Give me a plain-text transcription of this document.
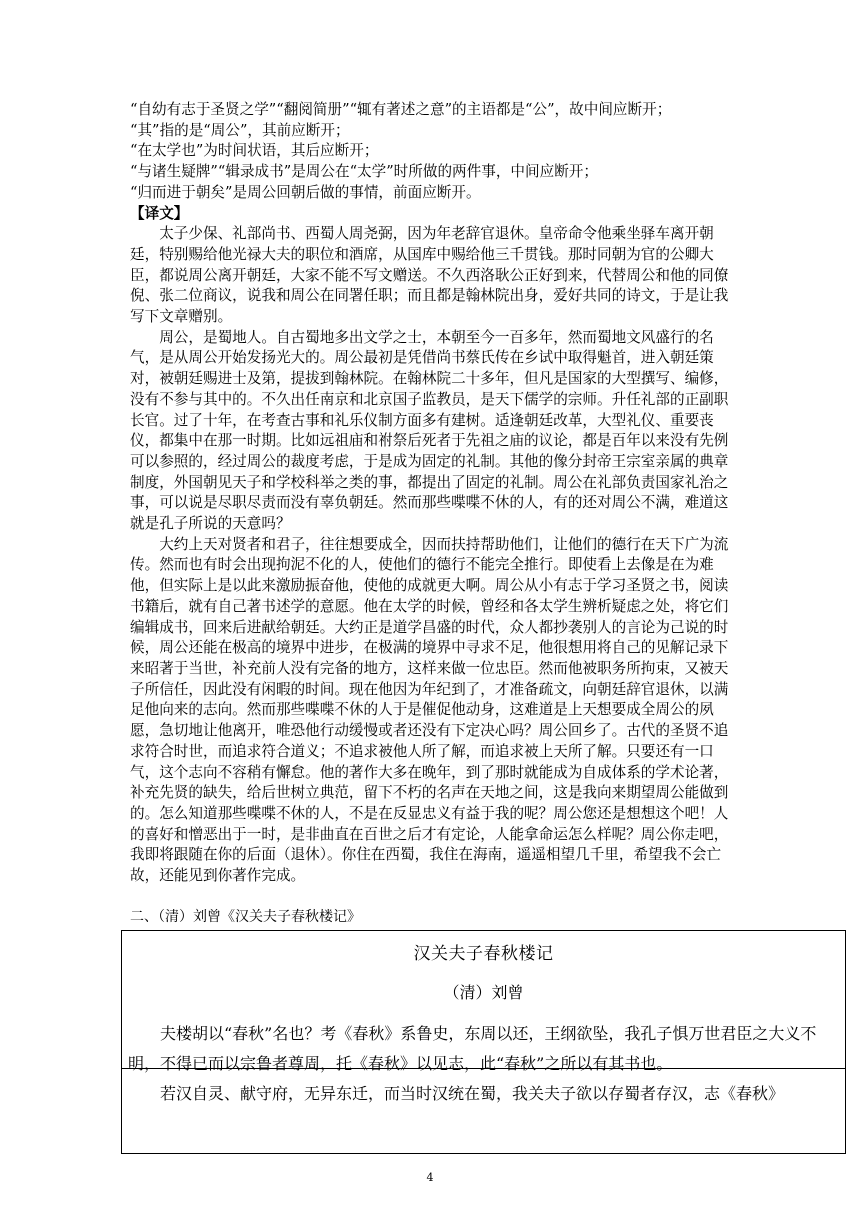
“自幼有志于圣贤之学”“翻阅简册”“辄有著述之意”的主语都是“公”，故中间应断开；

“其”指的是“周公”，其前应断开；

“在太学也”为时间状语，其后应断开；

“与诸生疑牌”“辑录成书”是周公在“太学”时所做的两件事，中间应断开；

“归而进于朝矣”是周公回朝后做的事情，前面应断开。

【译文】

太子少保、礼部尚书、西蜀人周尧弼，因为年老辞官退休。皇帝命令他乘坐驿车离开朝廷，特别赐给他光禄大夫的职位和酒席，从国库中赐给他三千贯钱。那时同朝为官的公卿大臣，都说周公离开朝廷，大家不能不写文赠送。不久西洛耿公正好到来，代替周公和他的同僚倪、张二位商议，说我和周公在同署任职；而且都是翰林院出身，爱好共同的诗文，于是让我写下文章赠别。

周公，是蜀地人。自古蜀地多出文学之士，本朝至今一百多年，然而蜀地文风盛行的名气，是从周公开始发扬光大的。周公最初是凭借尚书蔡氏传在乡试中取得魁首，进入朝廷策对，被朝廷赐进士及第，提拔到翰林院。在翰林院二十多年，但凡是国家的大型撰写、编修，没有不参与其中的。不久出任南京和北京国子监教员，是天下儒学的宗师。升任礼部的正副职长官。过了十年，在考查古事和礼乐仪制方面多有建树。适逢朝廷改革，大型礼仪、重要丧仪，都集中在那一时期。比如远祖庙和祔祭后死者于先祖之庙的议论，都是百年以来没有先例可以参照的，经过周公的裁度考虑，于是成为固定的礼制。其他的像分封帝王宗室亲属的典章制度，外国朝见天子和学校科举之类的事，都提出了固定的礼制。周公在礼部负责国家礼治之事，可以说是尽职尽责而没有辜负朝廷。然而那些喋喋不休的人，有的还对周公不满，难道这就是孔子所说的天意吗？

大约上天对贤者和君子，往往想要成全，因而扶持帮助他们，让他们的德行在天下广为流传。然而也有时会出现拘泥不化的人，使他们的德行不能完全推行。即使看上去像是在为难他，但实际上是以此来激励振奋他，使他的成就更大啊。周公从小有志于学习圣贤之书，阅读书籍后，就有自己著书述学的意愿。他在太学的时候，曾经和各太学生辨析疑虑之处，将它们编辑成书，回来后进献给朝廷。大约正是道学昌盛的时代，众人都抄袭别人的言论为己说的时候，周公还能在极高的境界中进步，在极满的境界中寻求不足，他很想用将自己的见解记录下来昭著于当世，补充前人没有完备的地方，这样来做一位忠臣。然而他被职务所拘束，又被天子所信任，因此没有闲暇的时间。现在他因为年纪到了，才准备疏文，向朝廷辞官退休，以满足他向来的志向。然而那些喋喋不休的人于是催促他动身，这难道是上天想要成全周公的夙愿，急切地让他离开，唯恐他行动缓慢或者还没有下定决心吗？周公回乡了。古代的圣贤不追求符合时世，而追求符合道义；不追求被他人所了解，而追求被上天所了解。只要还有一口气，这个志向不容稍有懈怠。他的著作大多在晚年，到了那时就能成为自成体系的学术论著，补充先贤的缺失，给后世树立典范，留下不朽的名声在天地之间，这是我向来期望周公能做到的。怎么知道那些喋喋不休的人，不是在反显忠义有益于我的呢？周公您还是想想这个吧！人的喜好和憎恶出于一时，是非曲直在百世之后才有定论，人能拿命运怎么样呢？周公你走吧，我即将跟随在你的后面（退休）。你住在西蜀，我住在海南，遥遥相望几千里，希望我不会亡故，还能见到你著作完成。

二、（清）刘曾《汉关夫子春秋楼记》

汉关夫子春秋楼记
（清）刘曾

夫楼胡以“春秋”名也？考《春秋》系鲁史，东周以还，王纲欲坠，我孔子惧万世君臣之大义不明，不得已而以宗鲁者尊周，托《春秋》以见志，此“春秋”之所以有其书也。

若汉自灵、献守府，无异东迁，而当时汉统在蜀，我关夫子欲以存蜀者存汉，志《春秋》
4
